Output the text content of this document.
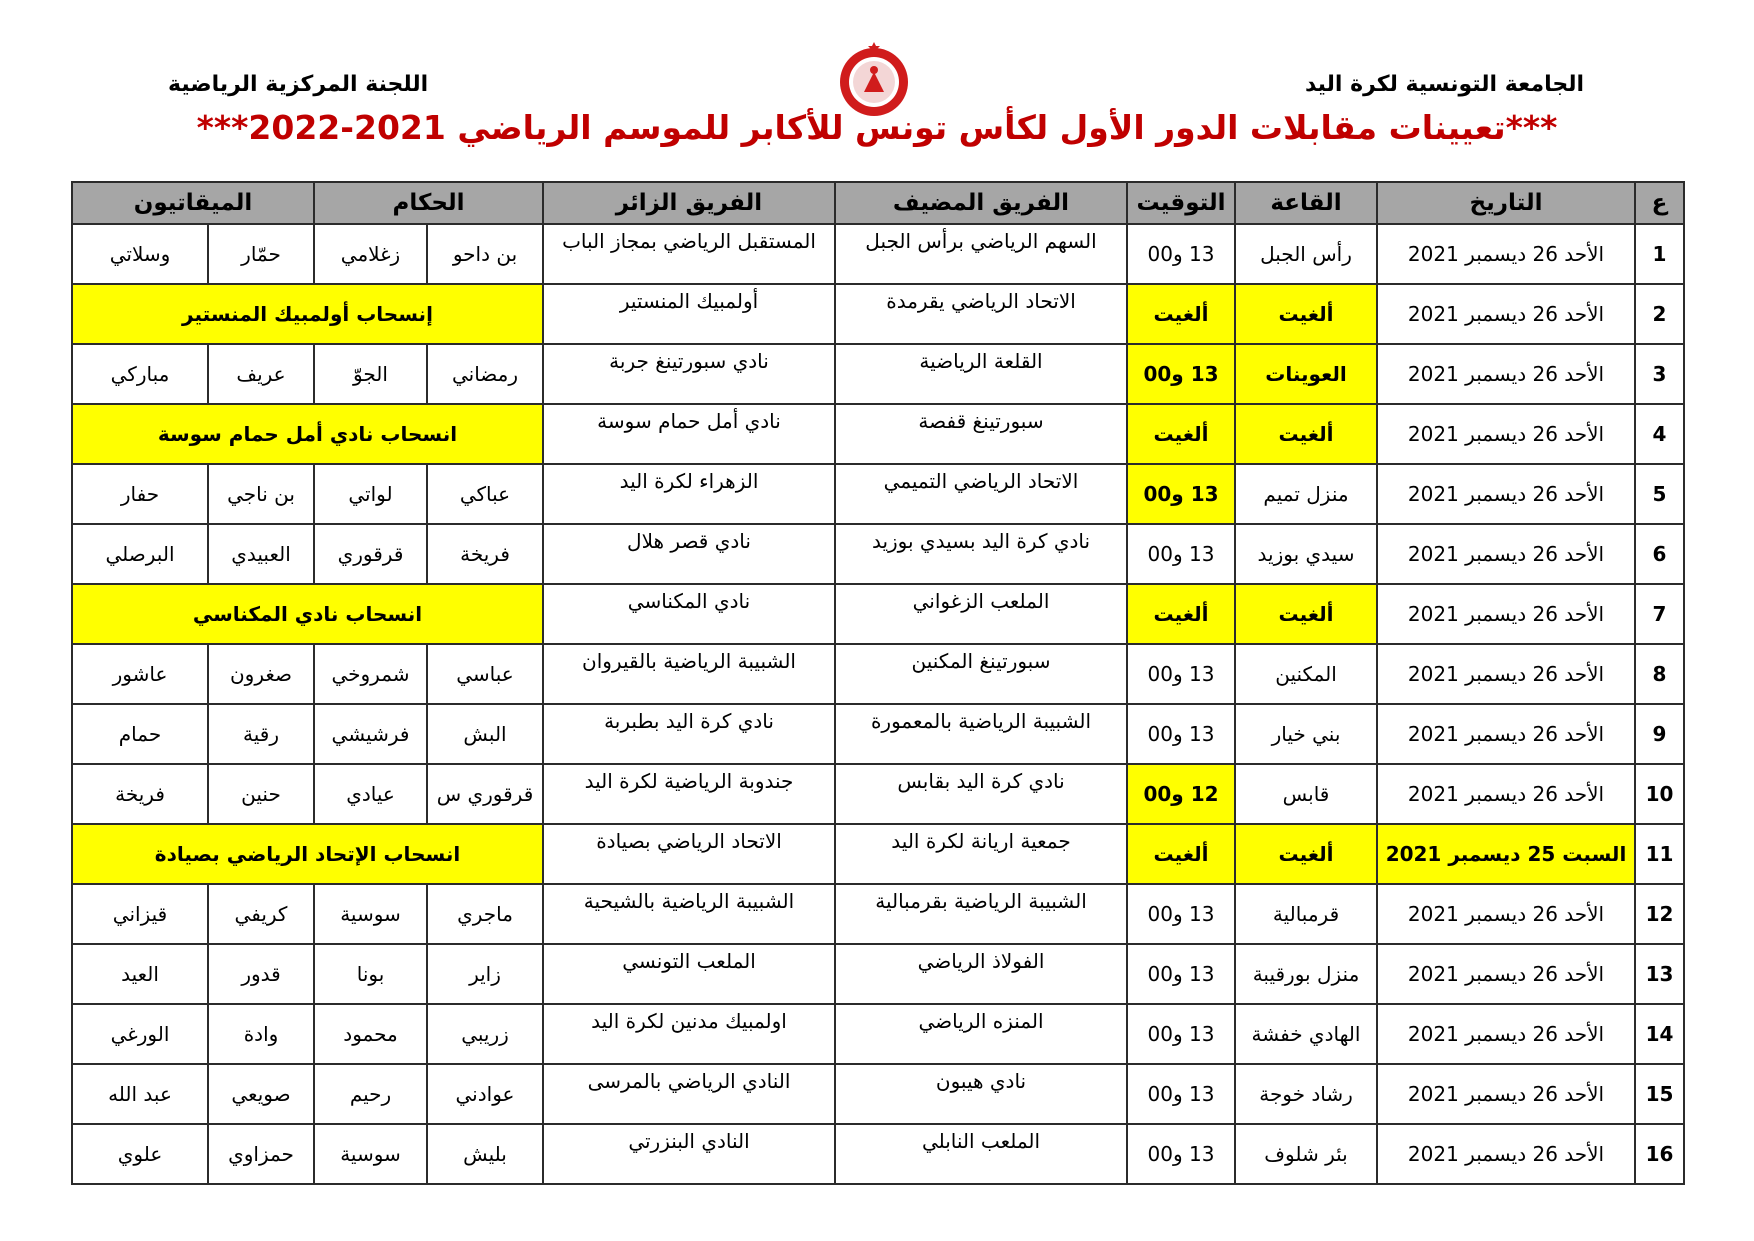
الجامعة التونسية لكرة اليد
اللجنة المركزية الرياضية
***تعيينات مقابلات الدور الأول لكأس تونس للأكابر للموسم الرياضي 2021-2022***
ع	التاريخ	القاعة	التوقيت	الفريق المضيف	الفريق الزائر	الحكام		الميقاتيون	
1	الأحد 26 ديسمبر 2021	رأس الجبل	13 و00	السهم الرياضي برأس الجبل	المستقبل الرياضي بمجاز الباب	بن داحو	زغلامي	حمّار	وسلاتي
2	الأحد 26 ديسمبر 2021	ألغيت	ألغيت	الاتحاد الرياضي يقرمدة	أولمبيك المنستير	إنسحاب أولمبيك المنستير			
3	الأحد 26 ديسمبر 2021	العوينات	13 و00	القلعة الرياضية	نادي سبورتينغ جربة	رمضاني	الجوّ	عريف	مباركي
4	الأحد 26 ديسمبر 2021	ألغيت	ألغيت	سبورتينغ قفصة	نادي أمل حمام سوسة	انسحاب نادي أمل حمام سوسة			
5	الأحد 26 ديسمبر 2021	منزل تميم	13 و00	الاتحاد الرياضي التميمي	الزهراء لكرة اليد	عباكي	لواتي	بن ناجي	حفار
6	الأحد 26 ديسمبر 2021	سيدي بوزيد	13 و00	نادي كرة اليد بسيدي بوزيد	نادي قصر هلال	فريخة	قرقوري	العبيدي	البرصلي
7	الأحد 26 ديسمبر 2021	ألغيت	ألغيت	الملعب الزغواني	نادي المكناسي	انسحاب نادي المكناسي			
8	الأحد 26 ديسمبر 2021	المكنين	13 و00	سبورتينغ المكنين	الشبيبة الرياضية بالقيروان	عباسي	شمروخي	صغرون	عاشور
9	الأحد 26 ديسمبر 2021	بني خيار	13 و00	الشبيبة الرياضية بالمعمورة	نادي كرة اليد بطبربة	البش	فرشيشي	رقية	حمام
10	الأحد 26 ديسمبر 2021	قابس	12 و00	نادي كرة اليد بقابس	جندوبة الرياضية لكرة اليد	قرقوري س	عيادي	حنين	فريخة
11	السبت 25 ديسمبر 2021	ألغيت	ألغيت	جمعية اريانة لكرة اليد	الاتحاد الرياضي بصيادة	انسحاب الإتحاد الرياضي بصيادة			
12	الأحد 26 ديسمبر 2021	قرمبالية	13 و00	الشبيبة الرياضية بقرمبالية	الشبيبة الرياضية بالشيحية	ماجري	سوسية	كريفي	قيزاني
13	الأحد 26 ديسمبر 2021	منزل بورقيبة	13 و00	الفولاذ الرياضي	الملعب التونسي	زاير	بونا	قدور	العيد
14	الأحد 26 ديسمبر 2021	الهادي خفشة	13 و00	المنزه الرياضي	اولمبيك مدنين لكرة اليد	زريبي	محمود	وادة	الورغي
15	الأحد 26 ديسمبر 2021	رشاد خوجة	13 و00	نادي هيبون	النادي الرياضي بالمرسى	عوادني	رحيم	صويعي	عبد الله
16	الأحد 26 ديسمبر 2021	بئر شلوف	13 و00	الملعب النابلي	النادي البنزرتي	بليش	سوسية	حمزاوي	علوي
